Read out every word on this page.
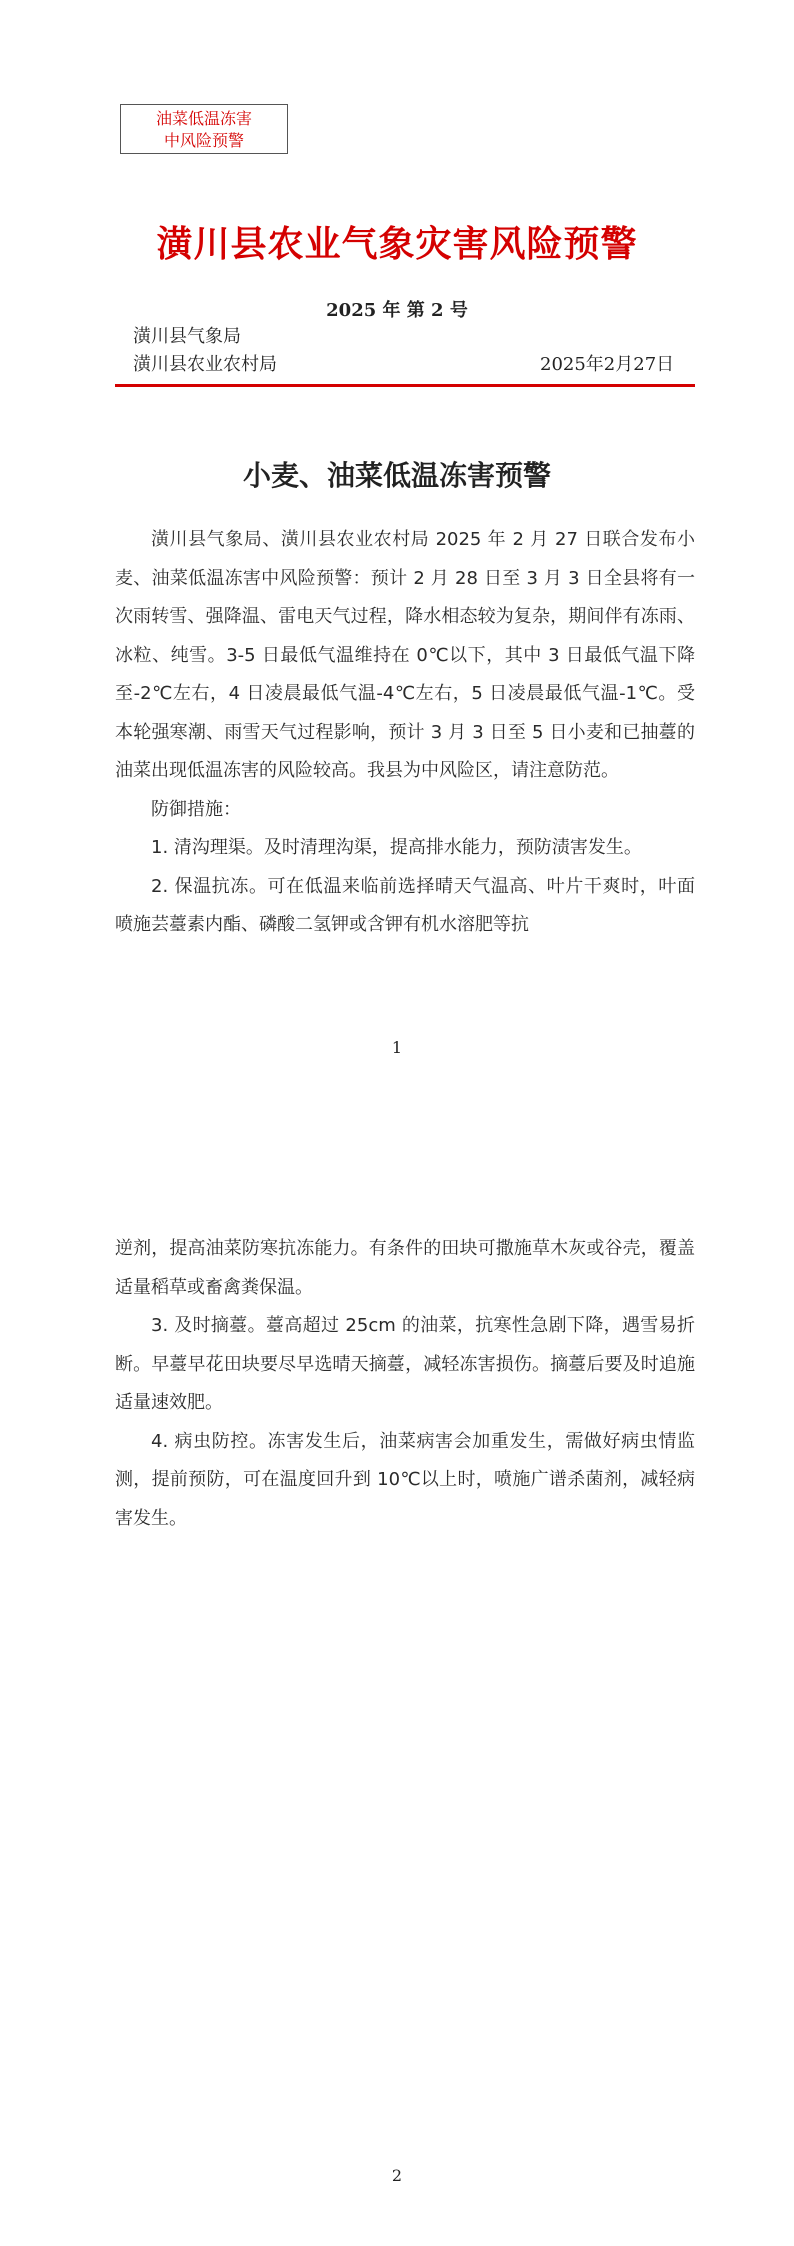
油菜低温冻害
中风险预警
潢川县农业气象灾害风险预警
2025 年 第 2 号
潢川县气象局
潢川县农业农村局	2025年2月27日
小麦、油菜低温冻害预警

潢川县气象局、潢川县农业农村局 2025 年 2 月 27 日联合发布小麦、油菜低温冻害中风险预警：预计 2 月 28 日至 3 月 3 日全县将有一次雨转雪、强降温、雷电天气过程，降水相态较为复杂，期间伴有冻雨、冰粒、纯雪。3-5 日最低气温维持在 0℃以下，其中 3 日最低气温下降至-2℃左右，4 日凌晨最低气温-4℃左右，5 日凌晨最低气温-1℃。受本轮强寒潮、雨雪天气过程影响，预计 3 月 3 日至 5 日小麦和已抽薹的油菜出现低温冻害的风险较高。我县为中风险区，请注意防范。

防御措施：

1. 清沟理渠。及时清理沟渠，提高排水能力，预防渍害发生。

2. 保温抗冻。可在低温来临前选择晴天气温高、叶片干爽时，叶面喷施芸薹素内酯、磷酸二氢钾或含钾有机水溶肥等抗

1

逆剂，提高油菜防寒抗冻能力。有条件的田块可撒施草木灰或谷壳，覆盖适量稻草或畜禽粪保温。

3. 及时摘薹。薹高超过 25cm 的油菜，抗寒性急剧下降，遇雪易折断。早薹早花田块要尽早选晴天摘薹，减轻冻害损伤。摘薹后要及时追施适量速效肥。

4. 病虫防控。冻害发生后，油菜病害会加重发生，需做好病虫情监测，提前预防，可在温度回升到 10℃以上时，喷施广谱杀菌剂，减轻病害发生。

2
